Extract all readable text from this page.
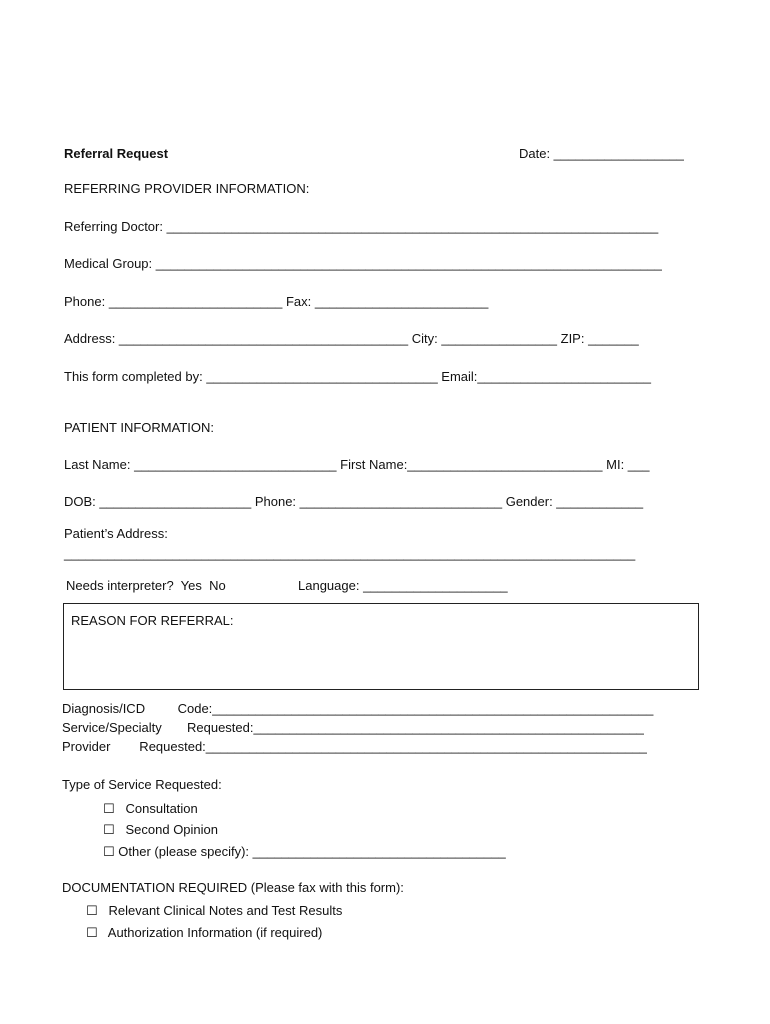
Referral Request	Date: __________________
REFERRING PROVIDER INFORMATION:
Referring Doctor: ____________________________________________________________________
Medical Group: ______________________________________________________________________
Phone: ________________________ Fax: ________________________
Address: ________________________________________ City: ________________ ZIP: _______
This form completed by: ________________________________ Email:________________________
PATIENT INFORMATION:
Last Name: ____________________________ First Name:___________________________ MI: ___
DOB: _____________________ Phone: ____________________________ Gender: ____________
Patient’s Address:
_______________________________________________________________________________
Needs interpreter?  Yes  No	Language: ____________________
REASON FOR REFERRAL:
Diagnosis/ICD         Code:_____________________________________________________________
Service/Specialty       Requested:______________________________________________________
Provider        Requested:_____________________________________________________________
Type of Service Requested:
☐   Consultation
☐   Second Opinion
☐ Other (please specify): ___________________________________
DOCUMENTATION REQUIRED (Please fax with this form):
☐   Relevant Clinical Notes and Test Results
☐   Authorization Information (if required)
